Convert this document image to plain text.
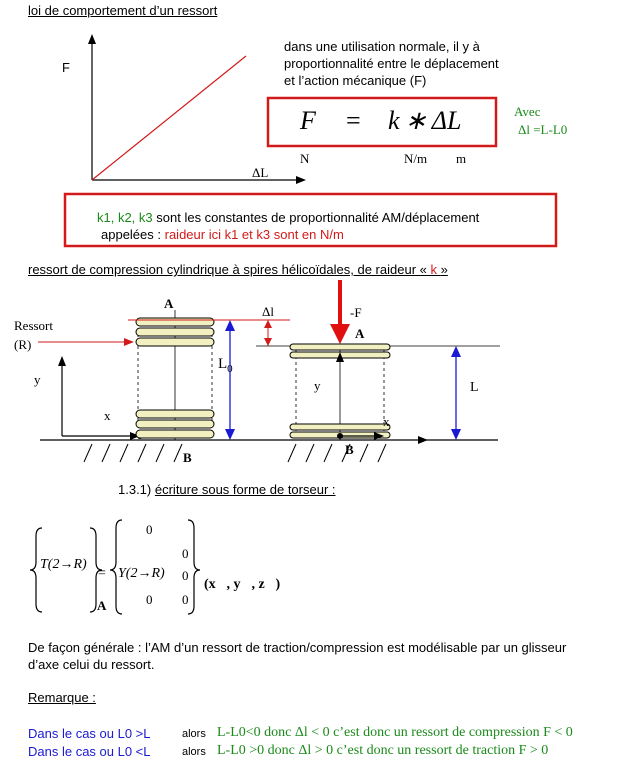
loi de comportement d’un ressort
F
ΔL
dans une utilisation normale, il y à
proportionnalité entre le déplacement
et l’action mécanique (F)
F = k ∗ ΔL
N	N/m m
Avec
Δl =L-L0
k1, k2, k3 sont les constantes de proportionnalité AM/déplacement
appelées : raideur ici k1 et k3 sont en N/m
ressort de compression cylindrique à spires hélicoïdales, de raideur « k »
Ressort
(R)
y
x
A
B
Δl
$L_0$
-F
A
y
x
B
L
1.3.1) écriture sous forme de torseur :
T(2→R)
=
A
0
0
Y(2→R) 0
0 0
(x⃗, y⃗, z⃗)
De façon générale : l’AM d’un ressort de traction/compression est modélisable par un glisseur
d’axe celui du ressort.
Remarque :
Dans le cas ou L0 >L	alors L-L0<0 donc Δl < 0 c’est donc un ressort de compression F < 0
Dans le cas ou L0 <L	alors L-L0 >0 donc Δl > 0 c’est donc un ressort de traction F > 0
